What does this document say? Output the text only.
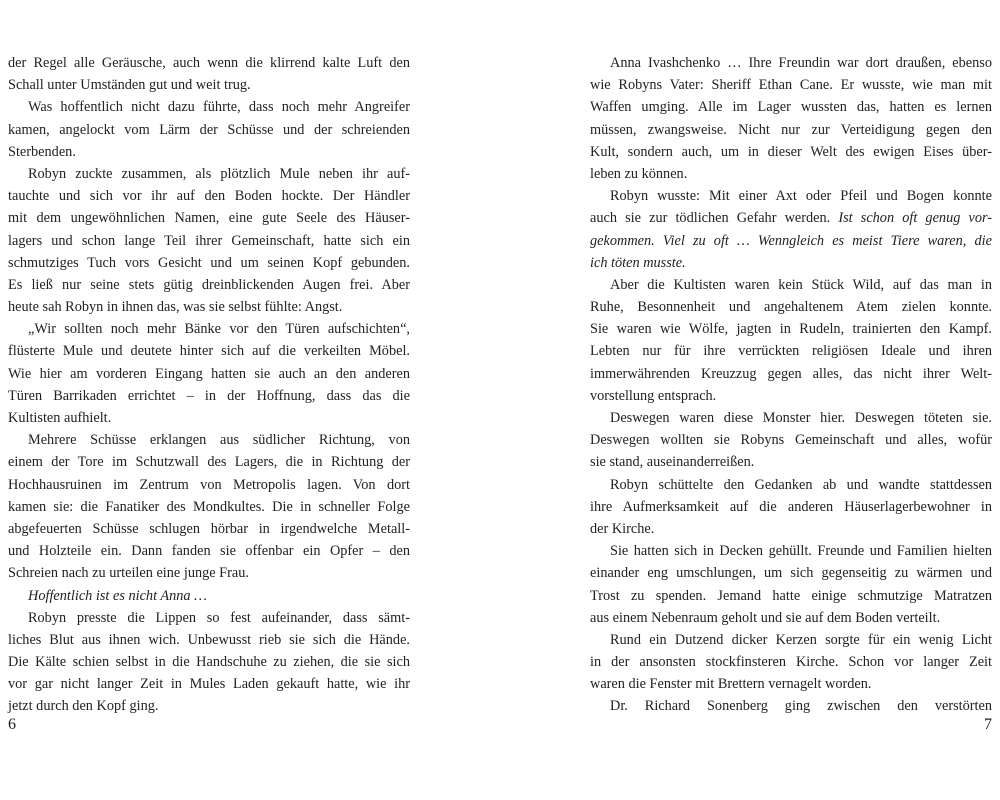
der Regel alle Geräusche, auch wenn die klirrend kalte Luft den
Schall unter Umständen gut und weit trug.
Was hoffentlich nicht dazu führte, dass noch mehr Angreifer
kamen, angelockt vom Lärm der Schüsse und der schreienden
Sterbenden.
Robyn zuckte zusammen, als plötzlich Mule neben ihr auf-
tauchte und sich vor ihr auf den Boden hockte. Der Händler
mit dem ungewöhnlichen Namen, eine gute Seele des Häuser-
lagers und schon lange Teil ihrer Gemeinschaft, hatte sich ein
schmutziges Tuch vors Gesicht und um seinen Kopf gebunden.
Es ließ nur seine stets gütig dreinblickenden Augen frei. Aber
heute sah Robyn in ihnen das, was sie selbst fühlte: Angst.
„Wir sollten noch mehr Bänke vor den Türen aufschichten“,
flüsterte Mule und deutete hinter sich auf die verkeilten Möbel.
Wie hier am vorderen Eingang hatten sie auch an den anderen
Türen Barrikaden errichtet – in der Hoffnung, dass das die
Kultisten aufhielt.
Mehrere Schüsse erklangen aus südlicher Richtung, von
einem der Tore im Schutzwall des Lagers, die in Richtung der
Hochhausruinen im Zentrum von Metropolis lagen. Von dort
kamen sie: die Fanatiker des Mondkultes. Die in schneller Folge
abgefeuerten Schüsse schlugen hörbar in irgendwelche Metall-
und Holzteile ein. Dann fanden sie offenbar ein Opfer – den
Schreien nach zu urteilen eine junge Frau.
Hoffentlich ist es nicht Anna …
Robyn presste die Lippen so fest aufeinander, dass sämt-
liches Blut aus ihnen wich. Unbewusst rieb sie sich die Hände.
Die Kälte schien selbst in die Handschuhe zu ziehen, die sie sich
vor gar nicht langer Zeit in Mules Laden gekauft hatte, wie ihr
jetzt durch den Kopf ging.
Anna Ivashchenko … Ihre Freundin war dort draußen, ebenso
wie Robyns Vater: Sheriff Ethan Cane. Er wusste, wie man mit
Waffen umging. Alle im Lager wussten das, hatten es lernen
müssen, zwangsweise. Nicht nur zur Verteidigung gegen den
Kult, sondern auch, um in dieser Welt des ewigen Eises über-
leben zu können.
Robyn wusste: Mit einer Axt oder Pfeil und Bogen konnte
auch sie zur tödlichen Gefahr werden. Ist schon oft genug vor-
gekommen. Viel zu oft … Wenngleich es meist Tiere waren, die
ich töten musste.
Aber die Kultisten waren kein Stück Wild, auf das man in
Ruhe, Besonnenheit und angehaltenem Atem zielen konnte.
Sie waren wie Wölfe, jagten in Rudeln, trainierten den Kampf.
Lebten nur für ihre verrückten religiösen Ideale und ihren
immerwährenden Kreuzzug gegen alles, das nicht ihrer Welt-
vorstellung entsprach.
Deswegen waren diese Monster hier. Deswegen töteten sie.
Deswegen wollten sie Robyns Gemeinschaft und alles, wofür
sie stand, auseinanderreißen.
Robyn schüttelte den Gedanken ab und wandte stattdessen
ihre Aufmerksamkeit auf die anderen Häuserlagerbewohner in
der Kirche.
Sie hatten sich in Decken gehüllt. Freunde und Familien hielten
einander eng umschlungen, um sich gegenseitig zu wärmen und
Trost zu spenden. Jemand hatte einige schmutzige Matratzen
aus einem Nebenraum geholt und sie auf dem Boden verteilt.
Rund ein Dutzend dicker Kerzen sorgte für ein wenig Licht
in der ansonsten stockfinsteren Kirche. Schon vor langer Zeit
waren die Fenster mit Brettern vernagelt worden.
Dr. Richard Sonenberg ging zwischen den verstörten
6	7
